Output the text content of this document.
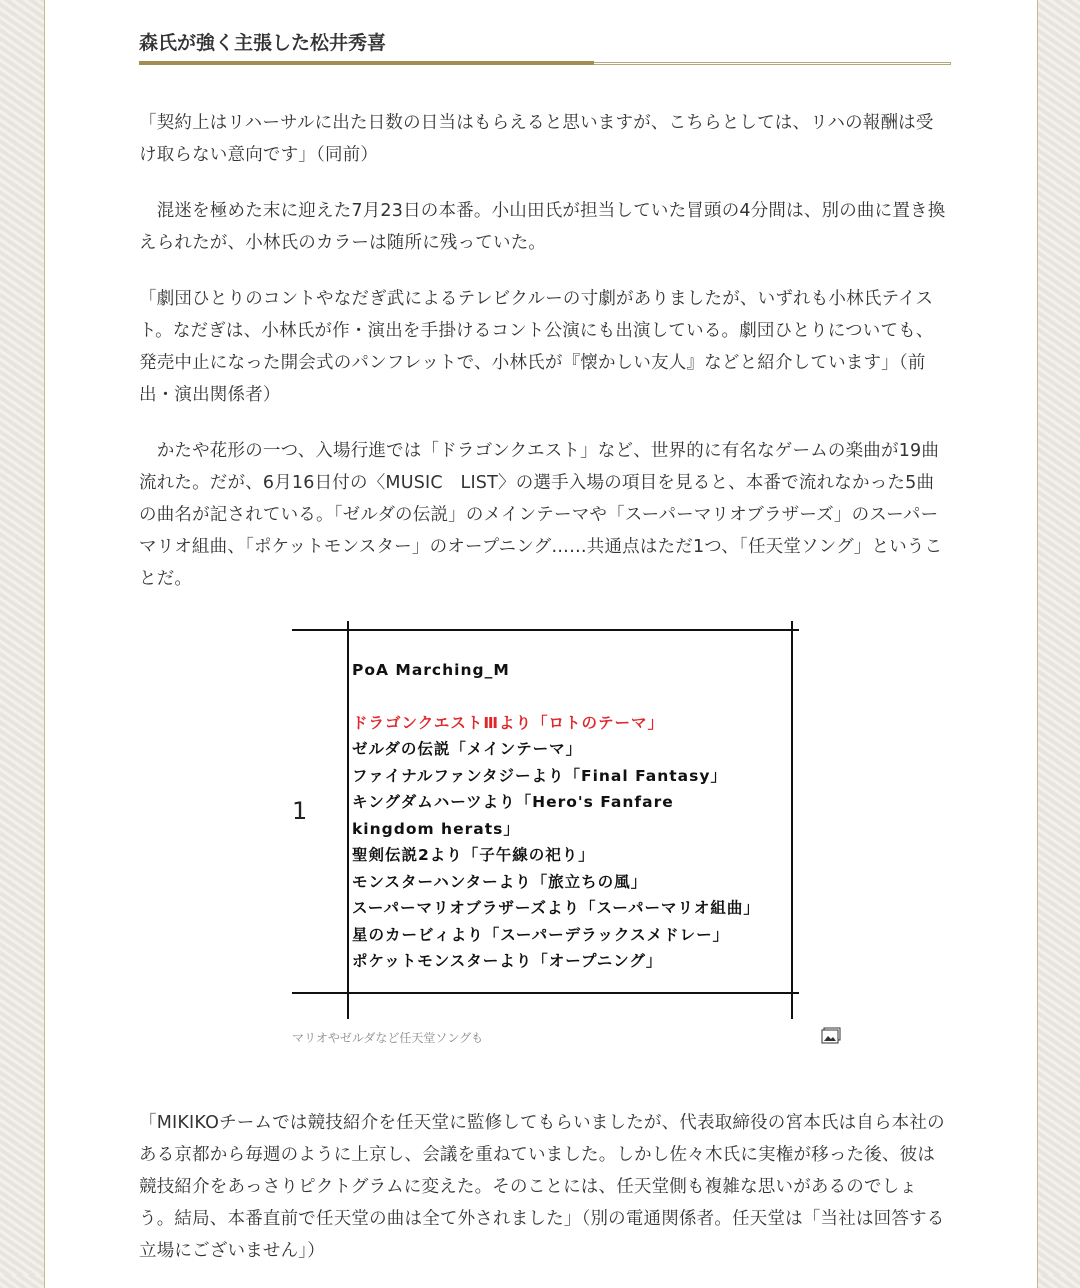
森氏が強く主張した松井秀喜

「契約上はリハーサルに出た日数の日当はもらえると思いますが、こちらとしては、リハの報酬は受け取らない意向です」（同前）

　混迷を極めた末に迎えた7月23日の本番。小山田氏が担当していた冒頭の4分間は、別の曲に置き換えられたが、小林氏のカラーは随所に残っていた。

「劇団ひとりのコントやなだぎ武によるテレビクルーの寸劇がありましたが、いずれも小林氏テイスト。なだぎは、小林氏が作・演出を手掛けるコント公演にも出演している。劇団ひとりについても、発売中止になった開会式のパンフレットで、小林氏が『懐かしい友人』などと紹介しています」（前出・演出関係者）

　かたや花形の一つ、入場行進では「ドラゴンクエスト」など、世界的に有名なゲームの楽曲が19曲流れた。だが、6月16日付の〈MUSIC　LIST〉の選手入場の項目を見ると、本番で流れなかった5曲の曲名が記されている。「ゼルダの伝説」のメインテーマや「スーパーマリオブラザーズ」のスーパーマリオ組曲、「ポケットモンスター」のオープニング……共通点はただ1つ、「任天堂ソング」ということだ。

1
PoA Marching_M
ドラゴンクエストⅢより「ロトのテーマ」
ゼルダの伝説「メインテーマ」
ファイナルファンタジーより「Final Fantasy」
キングダムハーツより「Hero's Fanfare kingdom herats」
聖剣伝説2より「子午線の祀り」
モンスターハンターより「旅立ちの風」
スーパーマリオブラザーズより「スーパーマリオ組曲」
星のカービィより「スーパーデラックスメドレー」
ポケットモンスターより「オープニング」
マリオやゼルダなど任天堂ソングも

「MIKIKOチームでは競技紹介を任天堂に監修してもらいましたが、代表取締役の宮本氏は自ら本社のある京都から毎週のように上京し、会議を重ねていました。しかし佐々木氏に実権が移った後、彼は競技紹介をあっさりピクトグラムに変えた。そのことには、任天堂側も複雑な思いがあるのでしょう。結局、本番直前で任天堂の曲は全て外されました」（別の電通関係者。任天堂は「当社は回答する立場にございません」）
